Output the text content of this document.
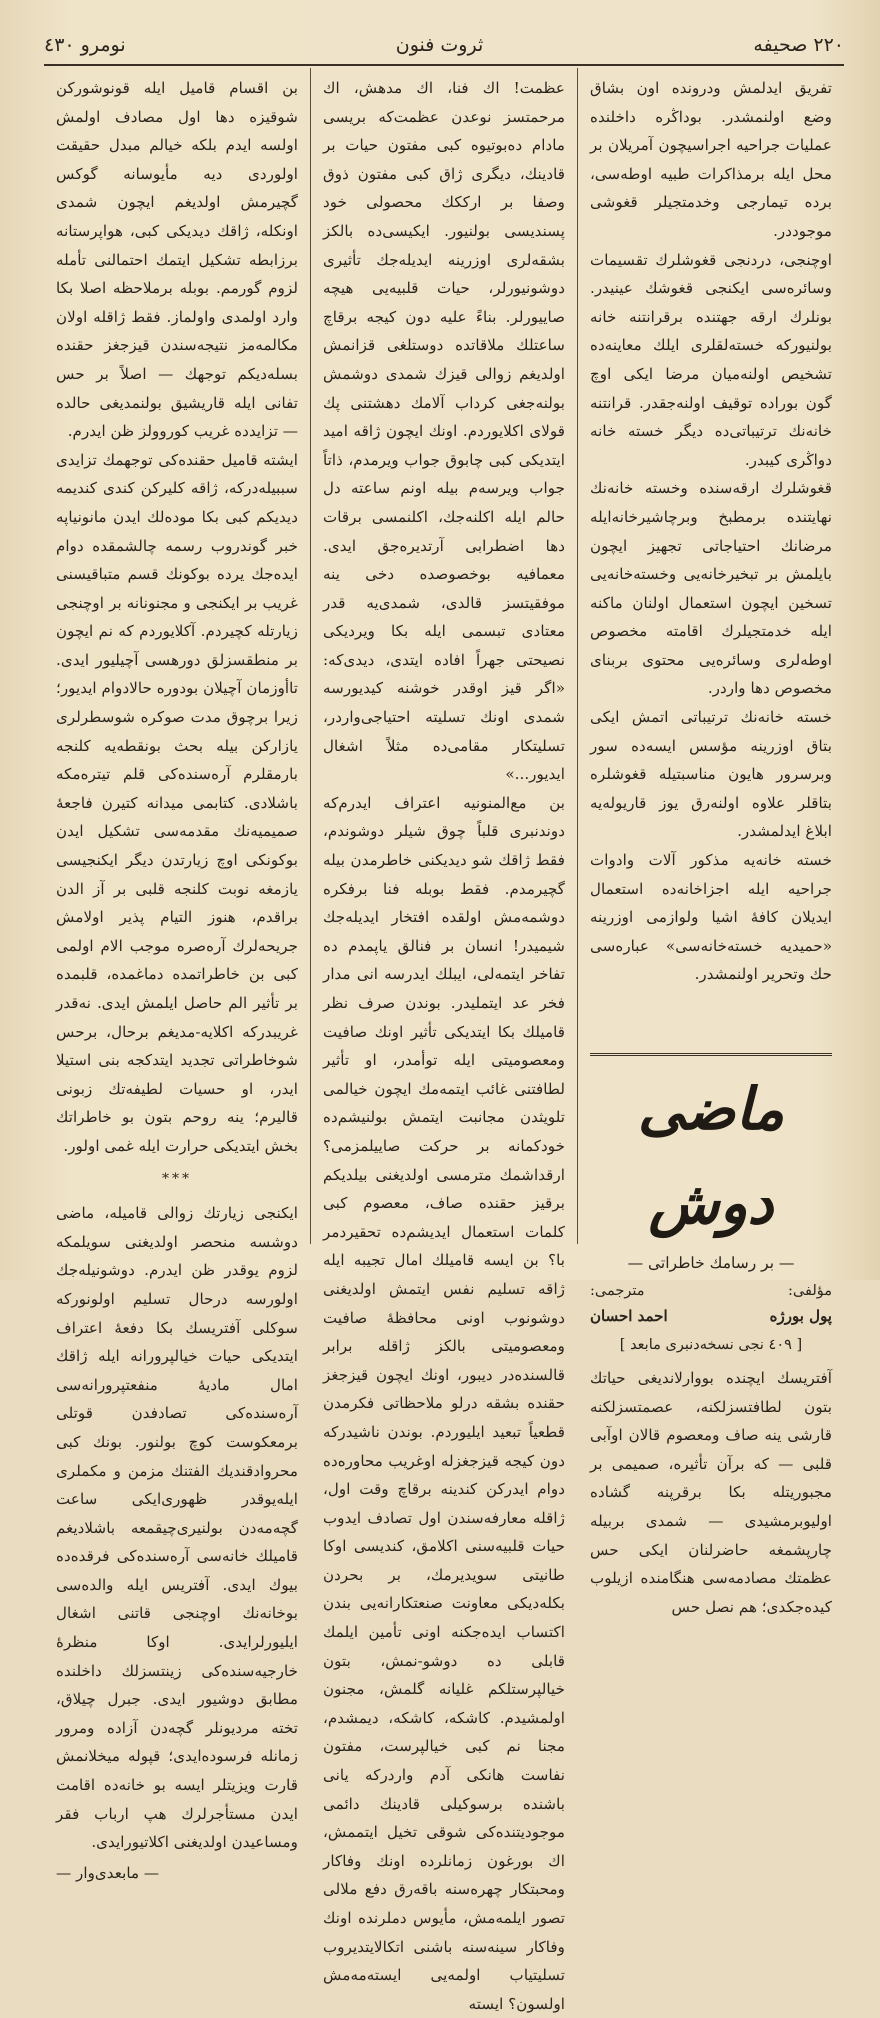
۲۲۰ صحیفه
ثروت فنون
نومرو ٤٣٠

تفریق ایدلمش ودرونده اون بشاق وضع اولنمشدر. بوداڭره داخلنده عملیات جراحیه اجراسیچون آمریلان بر محل ایله برمذاکرات طبیه اوطه‌سی، برده تیمارجی وخدمتجیلر قغوشی موجوددر.

اوچنجی، دردنجی قغوشلرك تقسیمات وسائره‌سی ایکنجی قغوشك عینیدر. بونلرك ارقه جهتنده برقرانتنه خانه بولنیورکه خسته‌لقلری ایلك معاینه‌ده تشخیص اولنه‌میان مرضا ایکی اوچ گون بوراده توقیف اولنه‌جقدر. قرانتنه خانه‌نك ترتیباتی‌ده دیگر خسته خانه دواڭری کیبدر.

قغوشلرك ارقه‌سنده وخسته خانه‌نك نهایتنده برمطبخ وبرچاشیرخانه‌ایله مرضانك احتیاجاتی تجهیز ایچون بایلمش بر تبخیرخانه‌یی وخسته‌خانه‌یی تسخین ایچون استعمال اولنان ماکنه ایله خدمتجیلرك اقامته مخصوص اوطه‌لری وسائره‌یی محتوی بربنای مخصوص دها واردر.

خسته خانه‌نك ترتیباتی اتمش ایکی بتاق اوزرینه مؤسس ایسه‌ده سور وبرسرور هایون مناسبتیله قغوشلره بتاقلر علاوه اولنه‌رق یوز قاریوله‌یه ابلاغ ایدلمشدر.

خسته خانه‌یه مذکور آلات وادوات جراحیه ایله اجزاخانه‌ده استعمال ایدیلان کافهٔ اشیا ولوازمی اوزرینه «حمیدیه خسته‌خانه‌سی» عباره‌سی حك وتحریر اولنمشدر.

ماضی دوش
— بر رسامك خاطراتی —
مؤلفی:
مترجمی:
پول بورژه
احمد احسان
[ ٤٠٩ نجی نسخه‌دنبری مابعد ]

آفتریسك ایچنده بووارلاندیغی حیاتك بتون لطافتسزلکنه، عصمتسزلکنه قارشی ینه صاف ومعصوم قالان اوآبی قلبی — که برآن تأثیره، صمیمی بر مجبوریتله بکا برقرپنه گشاده اولیوبرمشیدی — شمدی بربیله چارپشمغه حاضرلنان ایکی حس عظمتك مصادمه‌سی هنگامنده ازیلوب کیده‌جکدی؛ هم نصل حس

عظمت! اك فنا، اك مدهش، اك مرحمتسز نوعدن عظمت‌که بریسی مادام ده‌بوتیوه کبی مفتون حیات بر قادینك، دیگری ژاق کبی مفتون ذوق وصفا بر ارککك محصولی خود پسندیسی بولنیور. ایکیسی‌ده بالکز بشقه‌لری اوزرینه ایدیله‌جك تأثیری دوشونیورلر، حیات قلبیه‌یی هیچه صاییورلر. بناءً علیه دون کیجه برقاچ ساعتلك ملاقاتده دوستلغی قزانمش اولدیغم زوالی قیزك شمدی دوشمش بولنه‌جغی کرداب آلامك دهشتنی پك قولای اکلایوردم. اونك ایچون ژاقه امید ایتدیکی کبی چابوق جواب ویرمدم، ذاتاً جواب ویرسه‌م بیله اونم ساعته دل حالم ایله اکلنه‌جك، اکلنمسی برقات دها اضطرابی آرتدیره‌جق ایدی. معمافیه بوخصوصده دخی ینه موفقیتسز قالدی، شمدی‌یه قدر معتادی تبسمی ایله بکا ویردیکی نصیحتی جهراً افاده ایتدی، دیدی‌که: «اگر قیز اوقدر خوشنه کیدیورسه شمدی اونك تسلیته احتیاجی‌واردر، تسلیتکار مقامی‌ده مثلاً اشغال ایدیور...»

بن مع‌المنونیه اعتراف ایدرم‌که دوندنبری قلباً چوق شیلر دوشوندم، فقط ژاقك شو دیدیکنی خاطرمدن بیله گچیرمدم. فقط بوبله فنا برفکره دوشمه‌مش اولقده افتخار ایدیله‌جك شیمیدر! انسان بر فنالق یاپمدم ده تفاخر ایتمه‌لی، ایبلك ایدرسه انی مدار فخر عد ایتملیدر. بوندن صرف نظر قامیلك بکا ایتدیکی تأثیر اونك صافیت ومعصومیتی ایله توأمدر، او تأثیر لطافتنی غائب ایتمه‌مك ایچون خیالمی تلویثدن مجانبت ایتمش بولنیشم‌ده خودکمانه بر حرکت صاییلمزمی؟ ارقداشمك مترمسی اولدیغنی بیلدیکم برقیز حقنده صاف، معصوم کبی کلمات استعمال ایدیشم‌ده تحقیردمر با؟ بن ایسه قامیلك امال تجیبه ایله ژاقه تسلیم نفس ایتمش اولدیغنی دوشونوب اونی محافظهٔ صافیت ومعصومیتی بالکز ژاقله برابر قالسنده‌در دیبور، اونك ایچون قیزجغز حقنده بشقه درلو ملاحظاتی فکرمدن قطعیاً تبعید ایلیوردم. بوندن ناشیدرکه دون کیجه قیزجغزله اوغریب محاوره‌ده دوام ایدرکن کندینه برقاچ وقت اول، ژاقله معارفه‌سندن اول تصادف ایدوب حیات قلبیه‌سنی اکلامق، کندیسی اوکا طانیتی سویدیرمك، بر بحردن بکله‌دیکی معاونت صنعتکارانه‌یی بندن اکتساب ایده‌جکنه اونی تأمین ایلمك قابلی ده دوشو-نمش، بتون خیالپرستلکم غلیانه گلمش، مجنون اولمشیدم. کاشکه، کاشکه، دیمشدم، مجنا نم کبی خیالپرست، مفتون نفاست هانکی آدم واردرکه یانی باشنده برسوکیلی قادینك دائمی موجودیتنده‌کی شوقی تخیل ایتممش، اك بورغون زمانلرده اونك وفاکار ومحبتکار چهره‌سنه باقه‌رق دفع ملالی تصور ایلمه‌مش، مأیوس دملرنده اونك وفاکار سینه‌سنه باشنی اتکالایتدیروب تسلیتیاب اولمه‌یی ایسته‌مه‌مش اولسون؟ ایسته

بن اقسام قامیل ایله قونوشورکن شوقیزه دها اول مصادف اولمش اولسه ایدم بلکه خیالم مبدل حقیقت اولوردی دیه مأیوسانه گوکس گچیرمش اولدیغم ایچون شمدی اونکله، ژاقك دیدیکی کبی، هواپرستانه برزابطه تشکیل ایتمك احتمالنی تأمله لزوم گورمم. بوبله برملاحظه اصلا بکا وارد اولمدی واولماز. فقط ژاقله اولان مکالمه‌مز نتیجه‌سندن قیزجغز حقنده بسله‌دیکم توجهك — اصلاً بر حس تفانی ایله قاریشیق بولنمدیغی حالده — تزاید‌ده غریب کوروولز ظن ایدرم.

ایشته قامیل حقنده‌کی توجهمك تزایدی سببیله‌درکه، ژاقه کلیرکن کندی کندیمه دیدیکم کبی بکا موده‌لك ایدن مانونیاپه خبر گوندروب رسمه چالشمقده دوام ایده‌جك یرده بوکونك قسم متباقیسنی غریب بر ایکنجی و مجنونانه بر اوچنجی زیارتله کچیردم. آکلایوردم که نم ایچون بر منطقسزلق دورهسی آچیلیور ایدی. تاأوزمان آچیلان بودوره حالادوام ایدیور؛ زیرا برچوق مدت صوکره شوسطرلری یازارکن بیله بحث بونقطه‌یه کلنجه بارمقلرم آره‌سنده‌کی قلم تیتره‌مکه باشلادی. کتابمی میدانه کتیرن فاجعهٔ صمیمیه‌نك مقدمه‌سی تشکیل ایدن بوکونکی اوچ زیارتدن دیگر ایکنجیسی یازمغه نوبت کلنجه قلبی بر آز الدن براقدم، هنوز التیام پذیر اولامش جریحه‌لرك آره‌صره موجب الام اولمی کبی بن خاطراتمده دماغمده، قلبمده بر تأثیر الم حاصل ایلمش ایدی. نه‌قدر غریبدرکه اکلایه-مدیغم برحال، برحس شوخاطراتی تجدید ایتدکجه بنی استیلا ایدر، او حسیات لطیفه‌تك زبونی قالیرم؛ ینه روحم بتون بو خاطراتك بخش ایتدیکی حرارت ایله غمی اولور.

***

ایکنجی زیارتك زوالی قامیله، ماضی دوشسه منحصر اولدیغنی سویلمکه لزوم یوقدر ظن ایدرم. دوشونیله‌جك اولورسه درحال تسلیم اولونورکه سوکلی آفتریسك بکا دفعهٔ اعتراف ایتدیکی حیات خیالپرورانه ایله ژاقك امال مادیهٔ منفعتپرورانه‌سی آره‌سنده‌کی تصادفدن قوتلی برمعکوست کوچ بولنور. بونك کبی محروادقندیك الفتنك مزمن و مکملری ایله‌یوقدر ظهوری‌ایکی ساعت گچه‌مه‌دن ‌بولنیری‌چیقمعه باشلادیغم قامیلك خانه‌سی آره‌سنده‌کی فرقده‌ده بیوك ایدی. آفتریس ایله والده‌سی بوخانه‌نك اوچنجی قاتنی اشغال ایلیورلرایدی. اوکا منظرهٔ خارجیه‌سنده‌کی زینتسزلك داخلنده مطابق دوشیور ایدی. جبرل چیلاق، تخته مردیونلر گچه‌دن آزاده ومرور زمانله فرسوده‌ایدی؛ قپوله میخلانمش قارت ویزیتلر ایسه بو خانه‌ده اقامت ایدن مستأجرلرك هپ ارباب فقر ومساعیدن اولدیغنی اکلاتیورایدی.

— مابعدی‌وار —
